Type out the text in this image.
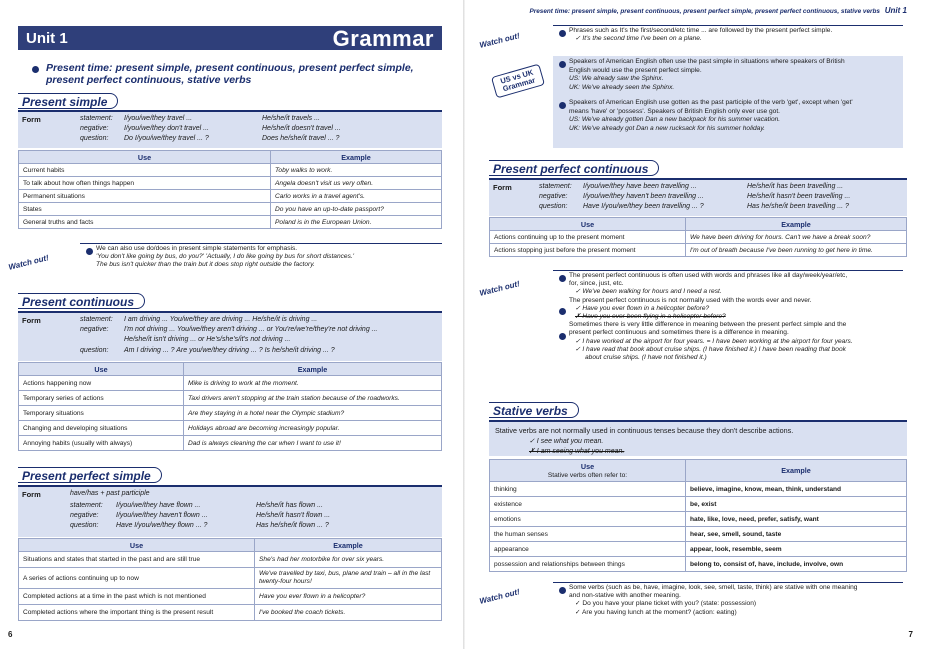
Unit 1	Grammar
Present time: present simple, present continuous, present perfect simple, present perfect continuous, stative verbs
Present simple
Form	statement: I/you/we/they travel ...	He/she/it travels ...
negative: I/you/we/they don't travel ...	He/she/it doesn't travel ...
question: Do I/you/we/they travel ... ?	Does he/she/it travel ... ?
Use	Example
Current habits	Toby walks to work.
To talk about how often things happen	Angela doesn't visit us very often.
Permanent situations	Carlo works in a travel agent's.
States	Do you have an up-to-date passport?
General truths and facts	Poland is in the European Union.
Watch out!
We can also use do/does in present simple statements for emphasis.
'You don't like going by bus, do you?' 'Actually, I do like going by bus for short distances.'
The bus isn't quicker than the train but it does stop right outside the factory.
Present continuous
Form	statement: I am driving ... You/we/they are driving ... He/she/it is driving ...
negative: I'm not driving ... You/we/they aren't driving ... or You're/we're/they're not driving ...
He/she/it isn't driving ... or He's/she's/it's not driving ...
question: Am I driving ... ? Are you/we/they driving ... ? Is he/she/it driving ... ?
Use	Example
Actions happening now	Mike is driving to work at the moment.
Temporary series of actions	Taxi drivers aren't stopping at the train station because of the roadworks.
Temporary situations	Are they staying in a hotel near the Olympic stadium?
Changing and developing situations	Holidays abroad are becoming increasingly popular.
Annoying habits (usually with always)	Dad is always cleaning the car when I want to use it!
Present perfect simple
Form	have/has + past participle
statement: I/you/we/they have flown ...	He/she/it has flown ...
negative:	I/you/we/they haven't flown ...	He/she/it hasn't flown ...
question:	Have I/you/we/they flown ... ?	Has he/she/it flown ... ?
Use	Example
Situations and states that started in the past and are still true	She's had her motorbike for over six years.
A series of actions continuing up to now	We've travelled by taxi, bus, plane and train – all in the last twenty-four hours!
Completed actions at a time in the past which is not mentioned	Have you ever flown in a helicopter?
Completed actions where the important thing is the present result	I've booked the coach tickets.
6
Present time: present simple, present continuous, present perfect simple, present perfect continuous, stative verbs Unit 1
Watch out!
Phrases such as It's the first/second/etc time ... are followed by the present perfect simple.
✓ It's the second time I've been on a plane.
US vs UK Grammar
Speakers of American English often use the past simple in situations where speakers of British
English would use the present perfect simple.
US: We already saw the Sphinx.
UK: We've already seen the Sphinx.
Speakers of American English use gotten as the past participle of the verb 'get', except when 'get'
means 'have' or 'possess'. Speakers of British English only ever use got.
US: We've already gotten Dan a new backpack for his summer vacation.
UK: We've already got Dan a new rucksack for his summer holiday.
Present perfect continuous
Form	statement: I/you/we/they have been travelling ...	He/she/it has been travelling ...
negative: I/you/we/they haven't been travelling ...	He/she/it hasn't been travelling ...
question: Have I/you/we/they been travelling ... ?	Has he/she/it been travelling ... ?
Use	Example
Actions continuing up to the present moment	We have been driving for hours. Can't we have a break soon?
Actions stopping just before the present moment	I'm out of breath because I've been running to get here in time.
Watch out!
The present perfect continuous is often used with words and phrases like all day/week/year/etc,
for, since, just, etc.
✓ We've been walking for hours and I need a rest.
The present perfect continuous is not normally used with the words ever and never.
✓ Have you ever flown in a helicopter before?
✗ Have you ever been flying in a helicopter before?
Sometimes there is very little difference in meaning between the present perfect simple and the
present perfect continuous and sometimes there is a difference in meaning.
✓ I have worked at the airport for four years. = I have been working at the airport for four years.
✓ I have read that book about cruise ships. (I have finished it.) I have been reading that book
about cruise ships. (I have not finished it.)
Stative verbs
Stative verbs are not normally used in continuous tenses because they don't describe actions.
✓ I see what you mean.
✗ I am seeing what you mean.
Use
Stative verbs often refer to:	Example
thinking	believe, imagine, know, mean, think, understand
existence	be, exist
emotions	hate, like, love, need, prefer, satisfy, want
the human senses	hear, see, smell, sound, taste
appearance	appear, look, resemble, seem
possession and relationships between things	belong to, consist of, have, include, involve, own
Watch out!	Some verbs (such as be, have, imagine, look, see, smell, taste, think) are stative with one meaning
and non-stative with another meaning.
✓ Do you have your plane ticket with you? (state: possession)
✓ Are you having lunch at the moment? (action: eating)
7
